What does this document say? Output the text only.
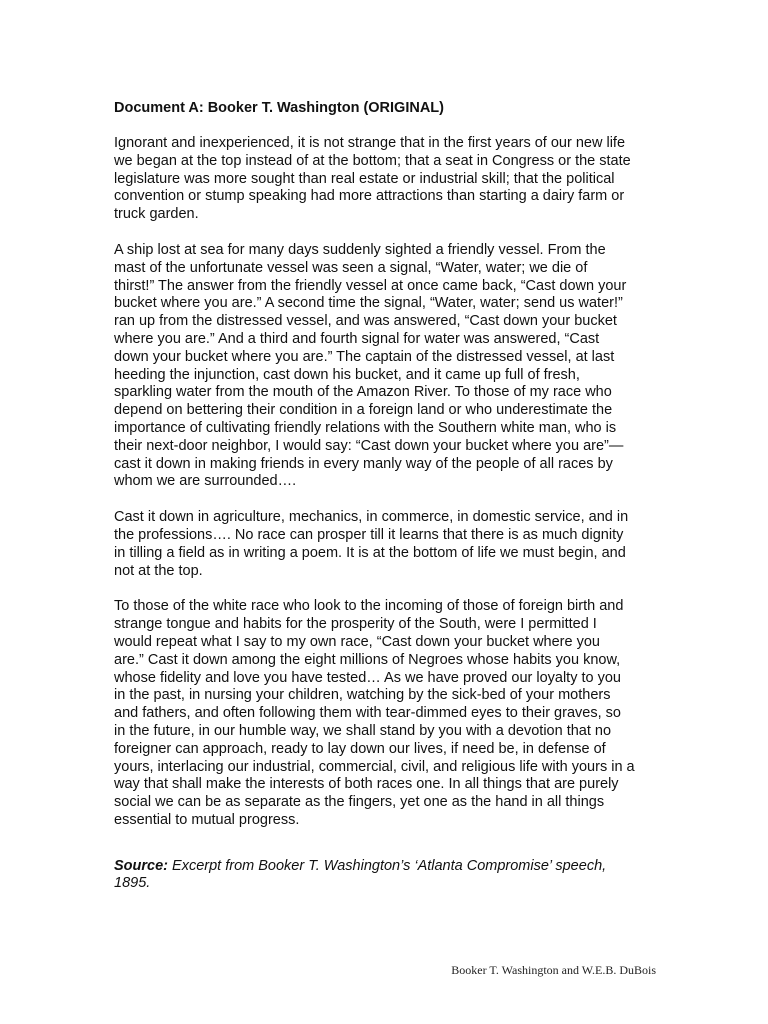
Document A: Booker T. Washington (ORIGINAL)
Ignorant and inexperienced, it is not strange that in the first years of our new life
we began at the top instead of at the bottom; that a seat in Congress or the state
legislature was more sought than real estate or industrial skill; that the political
convention or stump speaking had more attractions than starting a dairy farm or
truck garden.
A ship lost at sea for many days suddenly sighted a friendly vessel. From the
mast of the unfortunate vessel was seen a signal, “Water, water; we die of
thirst!” The answer from the friendly vessel at once came back, “Cast down your
bucket where you are.” A second time the signal, “Water, water; send us water!”
ran up from the distressed vessel, and was answered, “Cast down your bucket
where you are.” And a third and fourth signal for water was answered, “Cast
down your bucket where you are.” The captain of the distressed vessel, at last
heeding the injunction, cast down his bucket, and it came up full of fresh,
sparkling water from the mouth of the Amazon River. To those of my race who
depend on bettering their condition in a foreign land or who underestimate the
importance of cultivating friendly relations with the Southern white man, who is
their next-door neighbor, I would say: “Cast down your bucket where you are”—
cast it down in making friends in every manly way of the people of all races by
whom we are surrounded….
Cast it down in agriculture, mechanics, in commerce, in domestic service, and in
the professions…. No race can prosper till it learns that there is as much dignity
in tilling a field as in writing a poem. It is at the bottom of life we must begin, and
not at the top.
To those of the white race who look to the incoming of those of foreign birth and
strange tongue and habits for the prosperity of the South, were I permitted I
would repeat what I say to my own race, “Cast down your bucket where you
are.” Cast it down among the eight millions of Negroes whose habits you know,
whose fidelity and love you have tested… As we have proved our loyalty to you
in the past, in nursing your children, watching by the sick-bed of your mothers
and fathers, and often following them with tear-dimmed eyes to their graves, so
in the future, in our humble way, we shall stand by you with a devotion that no
foreigner can approach, ready to lay down our lives, if need be, in defense of
yours, interlacing our industrial, commercial, civil, and religious life with yours in a
way that shall make the interests of both races one. In all things that are purely
social we can be as separate as the fingers, yet one as the hand in all things
essential to mutual progress.
Source: Excerpt from Booker T. Washington’s ‘Atlanta Compromise’ speech,
1895.
Booker T. Washington and W.E.B. DuBois
